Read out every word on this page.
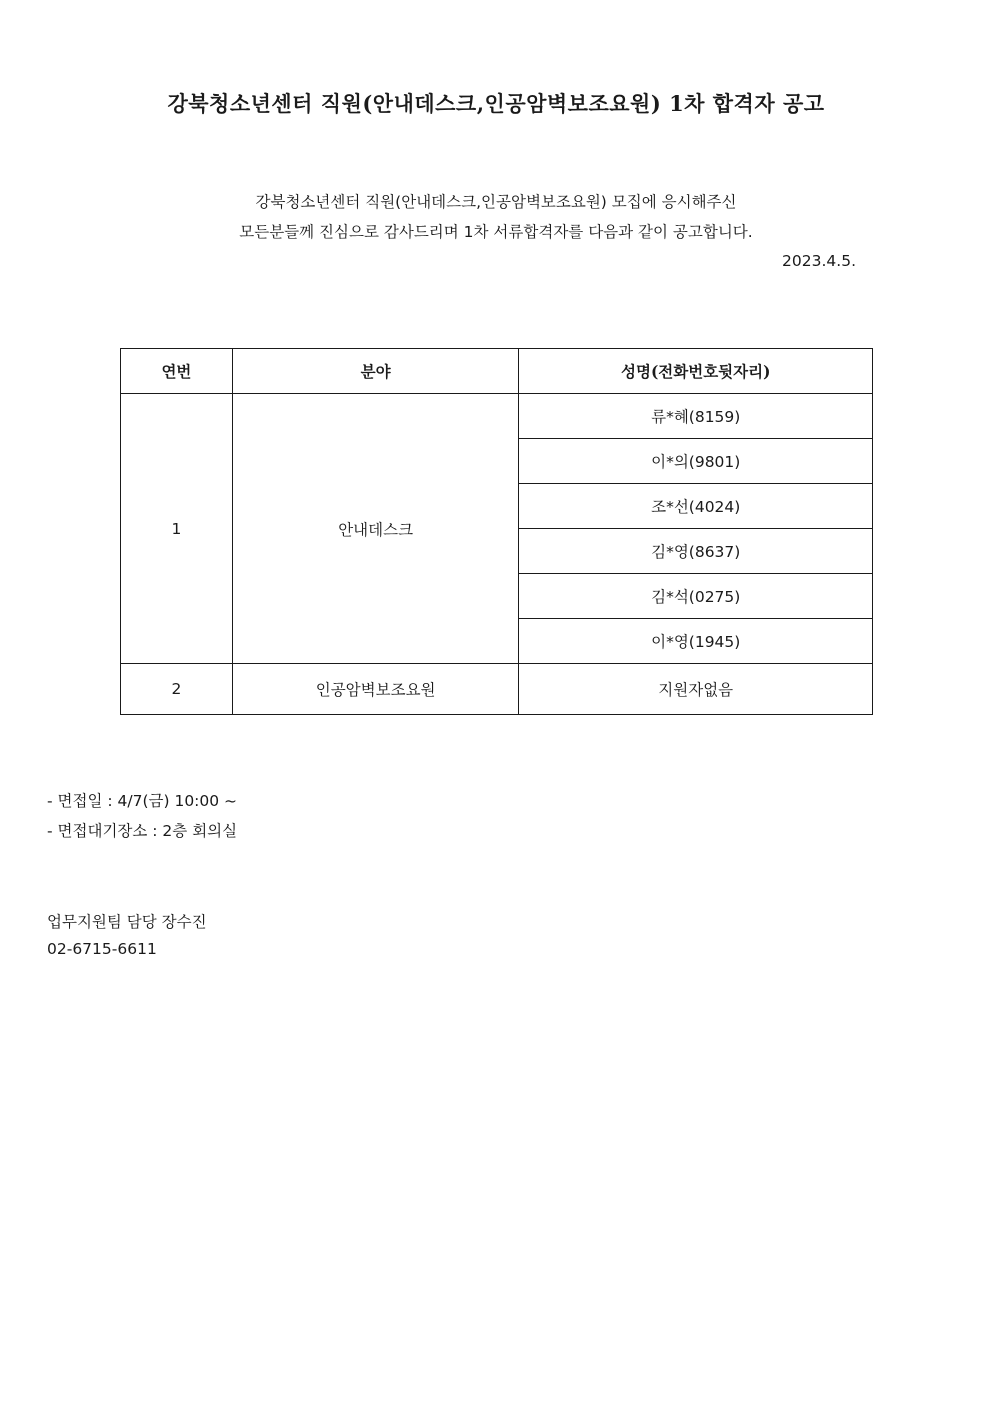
강북청소년센터 직원(안내데스크,인공암벽보조요원) 1차 합격자 공고
강북청소년센터 직원(안내데스크,인공암벽보조요원) 모집에 응시해주신
모든분들께 진심으로 감사드리며 1차 서류합격자를 다음과 같이 공고합니다.
2023.4.5.
연번	분야	성명(전화번호뒷자리)
1	안내데스크	류*혜(8159)
		이*의(9801)
		조*선(4024)
		김*영(8637)
		김*석(0275)
		이*영(1945)
2	인공암벽보조요원	지원자없음
- 면접일 : 4/7(금) 10:00 ~
- 면접대기장소 : 2층 회의실
업무지원팀 담당 장수진
02-6715-6611
